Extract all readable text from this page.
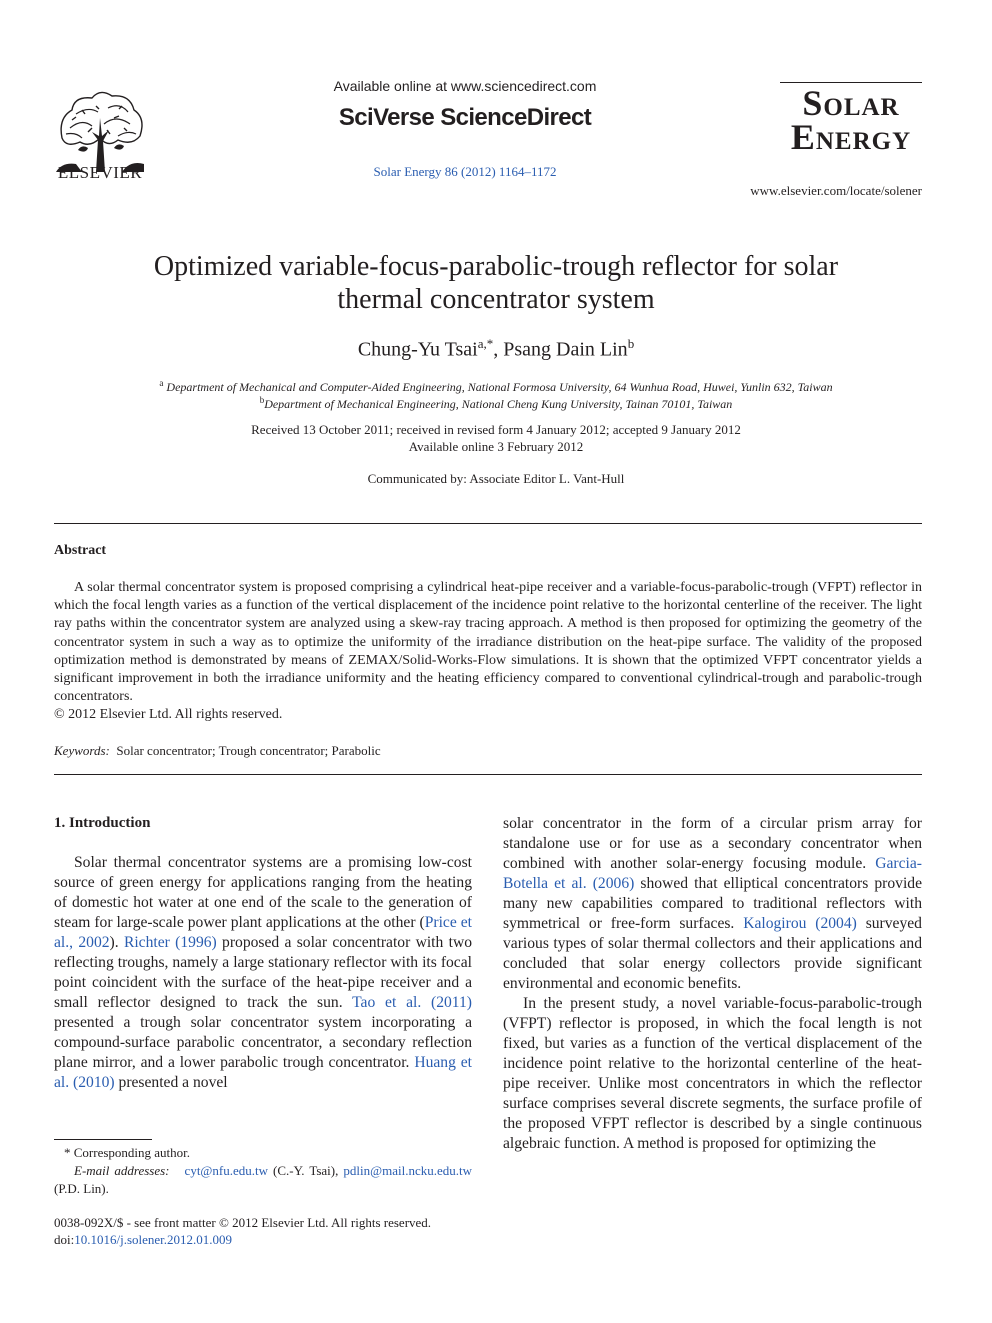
ELSEVIER
Available online at www.sciencedirect.com
SciVerse ScienceDirect
Solar Energy 86 (2012) 1164–1172
Solar
Energy
www.elsevier.com/locate/solener
Optimized variable-focus-parabolic-trough reflector for solar
thermal concentrator system
Chung-Yu Tsai$^{a,*}$, Psang Dain Lin$^b$
$^a$ Department of Mechanical and Computer-Aided Engineering, National Formosa University, 64 Wunhua Road, Huwei, Yunlin 632, Taiwan
$^b$Department of Mechanical Engineering, National Cheng Kung University, Tainan 70101, Taiwan
Received 13 October 2011; received in revised form 4 January 2012; accepted 9 January 2012
Available online 3 February 2012
Communicated by: Associate Editor L. Vant-Hull
Abstract
A solar thermal concentrator system is proposed comprising a cylindrical heat-pipe receiver and a variable-focus-parabolic-trough (VFPT) reflector in which the focal length varies as a function of the vertical displacement of the incidence point relative to the horizontal centerline of the receiver. The light ray paths within the concentrator system are analyzed using a skew-ray tracing approach. A method is then proposed for optimizing the geometry of the concentrator system in such a way as to optimize the uniformity of the irradiance distribution on the heat-pipe surface. The validity of the proposed optimization method is demonstrated by means of ZEMAX/Solid-Works-Flow simulations. It is shown that the optimized VFPT concentrator yields a significant improvement in both the irradiance uniformity and the heating efficiency compared to conventional cylindrical-trough and parabolic-trough concentrators.
© 2012 Elsevier Ltd. All rights reserved.
Keywords: Solar concentrator; Trough concentrator; Parabolic
1. Introduction
Solar thermal concentrator systems are a promising low-cost source of green energy for applications ranging from the heating of domestic hot water at one end of the scale to the generation of steam for large-scale power plant applications at the other (Price et al., 2002). Richter (1996) proposed a solar concentrator with two reflecting troughs, namely a large stationary reflector with its focal point coincident with the surface of the heat-pipe receiver and a small reflector designed to track the sun. Tao et al. (2011) presented a trough solar concentrator system incorporating a compound-surface parabolic concentrator, a secondary reflection plane mirror, and a lower parabolic trough concentrator. Huang et al. (2010) presented a novel

solar concentrator in the form of a circular prism array for standalone use or for use as a secondary concentrator when combined with another solar-energy focusing module. Garcia-Botella et al. (2006) showed that elliptical concentrators provide many new capabilities compared to traditional reflectors with symmetrical or free-form surfaces. Kalogirou (2004) surveyed various types of solar thermal collectors and their applications and concluded that solar energy collectors provide significant environmental and economic benefits.

In the present study, a novel variable-focus-parabolic-trough (VFPT) reflector is proposed, in which the focal length is not fixed, but varies as a function of the vertical displacement of the incidence point relative to the horizontal centerline of the heat-pipe receiver. Unlike most concentrators in which the reflector surface comprises several discrete segments, the surface profile of the proposed VFPT reflector is described by a single continuous algebraic function. A method is proposed for optimizing the

* Corresponding author.
E-mail addresses: cyt@nfu.edu.tw (C.-Y. Tsai), pdlin@mail.ncku.edu.tw (P.D. Lin).
0038-092X/$ - see front matter © 2012 Elsevier Ltd. All rights reserved.
doi:10.1016/j.solener.2012.01.009
